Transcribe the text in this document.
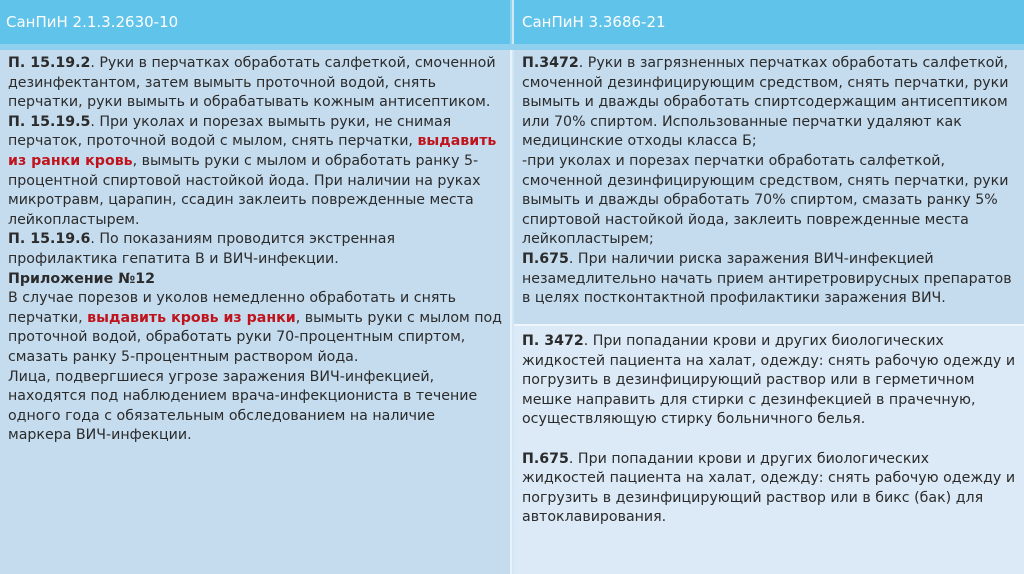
СанПиН 2.1.3.2630-10	СанПиН 3.3686-21

П. 15.19.2. Руки в перчатках обработать салфеткой, смоченной дезинфектантом, затем вымыть проточной водой, снять перчатки, руки вымыть и обрабатывать кожным антисептиком.

П. 15.19.5. При уколах и порезах вымыть руки, не снимая перчаток, проточной водой с мылом, снять перчатки, выдавить из ранки кровь, вымыть руки с мылом и обработать ранку 5-процентной спиртовой настойкой йода. При наличии на руках микротравм, царапин, ссадин заклеить поврежденные места лейкопластырем.

П. 15.19.6. По показаниям проводится экстренная профилактика гепатита В и ВИЧ-инфекции.

Приложение №12

В случае порезов и уколов немедленно обработать и снять перчатки, выдавить кровь из ранки, вымыть руки с мылом под проточной водой, обработать руки 70-процентным спиртом, смазать ранку 5-процентным раствором йода.

Лица, подвергшиеся угрозе заражения ВИЧ-инфекцией, находятся под наблюдением врача-инфекциониста в течение одного года с обязательным обследованием на наличие маркера ВИЧ-инфекции.

П.3472. Руки в загрязненных перчатках обработать салфеткой, смоченной дезинфицирующим средством, снять перчатки, руки вымыть и дважды обработать спиртсодержащим антисептиком или 70% спиртом. Использованные перчатки удаляют как медицинские отходы класса Б;

-при уколах и порезах перчатки обработать салфеткой, смоченной дезинфицирующим средством, снять перчатки, руки вымыть и дважды обработать 70% спиртом, смазать ранку 5% спиртовой настойкой йода, заклеить поврежденные места лейкопластырем;

П.675. При наличии риска заражения ВИЧ-инфекцией незамедлительно начать прием антиретровирусных препаратов в целях постконтактной профилактики заражения ВИЧ.

П. 3472. При попадании крови и других биологических жидкостей пациента на халат, одежду: снять рабочую одежду и погрузить в дезинфицирующий раствор или в герметичном мешке направить для стирки с дезинфекцией в прачечную, осуществляющую стирку больничного белья.

П.675. При попадании крови и других биологических жидкостей пациента на халат, одежду: снять рабочую одежду и погрузить в дезинфицирующий раствор или в бикс (бак) для автоклавирования.
